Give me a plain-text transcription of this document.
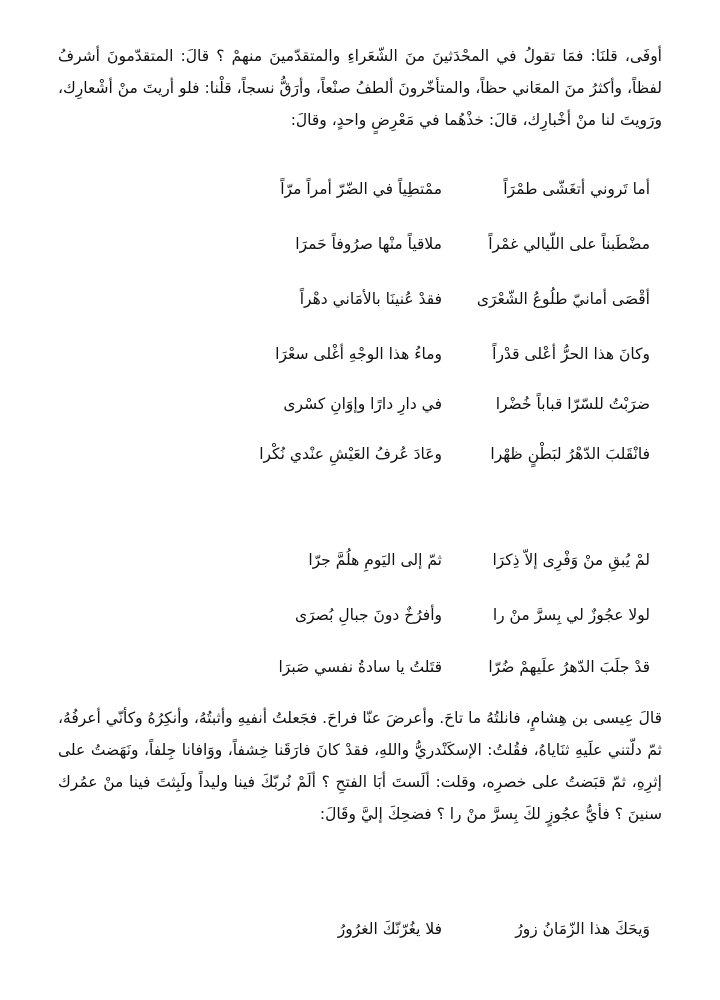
أوفَى، قلنَا: فمَا تقولُ في المحْدَثينَ منَ الشّعَراءِ والمتقدّمينَ منهمْ ؟ قالَ: المتقدّمونَ أشرفُ لفظاً، وأكثرُ منَ المعَاني حظاً، والمتأخّرونَ ألطفُ صنْعاً، وأرَقُّ نسجاً، قلْنا: فلو أريتَ منْ أشْعارِك، ورَويتَ لنا منْ أخْبارِك، قالَ: خذْهُما في مَعْرِضٍ واحدٍ، وقالَ:
أما تَروني أتغَشّى طمْرَاًممْتطِياً في الضّرّ أمراً مرّاً
مضْطَبناً على اللّيالي غمْراًملاقياً منْها صرُوفاً حَمرَا
أقْصَى أمانيّ طلُوعُ الشّعْرَىفقدْ عُنينَا بالأمَاني دهْراً
وكانَ هذا الحرُّ أعْلى قدْراًوماءُ هذا الوجْهِ أغْلى سعْرَا
ضرَبْتُ للسّرّا قباباً خُضْرافي دارِ دارًا وإوَانِ كسْرى
فانْقَلبَ الدّهْرُ لبَطْنٍ ظهْراوعَادَ عُرفُ العَيْشِ عنْدي نُكْرا
لمْ يُبقِ منْ وَفْرِى إلاّ ذِكرَاثمّ إلى اليَومِ هلُمَّ جرّا
لولا عجُوزٌ لي بِسرَّ منْ راوأفرُخٌ دونَ جبالِ بُصرَى
قدْ جلَبَ الدّهرُ علَيهمْ ضُرّاقتَلتُ يا سادةُ نفسي صَبرَا
قالَ عِيسى بن هِشامٍ، فانلتُهُ ما تاحَ. وأعرضَ عنّا فراحَ. فجَعلتُ أنفيهِ وأثبتُهُ، وأنكِرُهُ وكأنّي أعرفُهُ، ثمّ دلّتني علَيهِ ثنَاياهُ، فقُلتُ: الإسكَنْدريُّ واللهِ، فقدْ كانَ فارَقَنا خِشفاً، ووَافانا جِلفاً، ونَهَضتُ على إثرِهِ، ثمّ قبَضتُ على خصرِه، وقلت: ألَستَ أبَا الفتحِ ؟ ألَمْ نُربّكَ فينا وليداً ولَبِثتَ فينا منْ عمُرك سنينَ ؟ فأيُّ عجُوزٍ لكَ بِسرَّ منْ را ؟ فضحِكَ إليَّ وقَالَ:
وَيحَكَ هذا الزّمَانُ زورُفلا يغُرّنّكَ الغرُورُ
